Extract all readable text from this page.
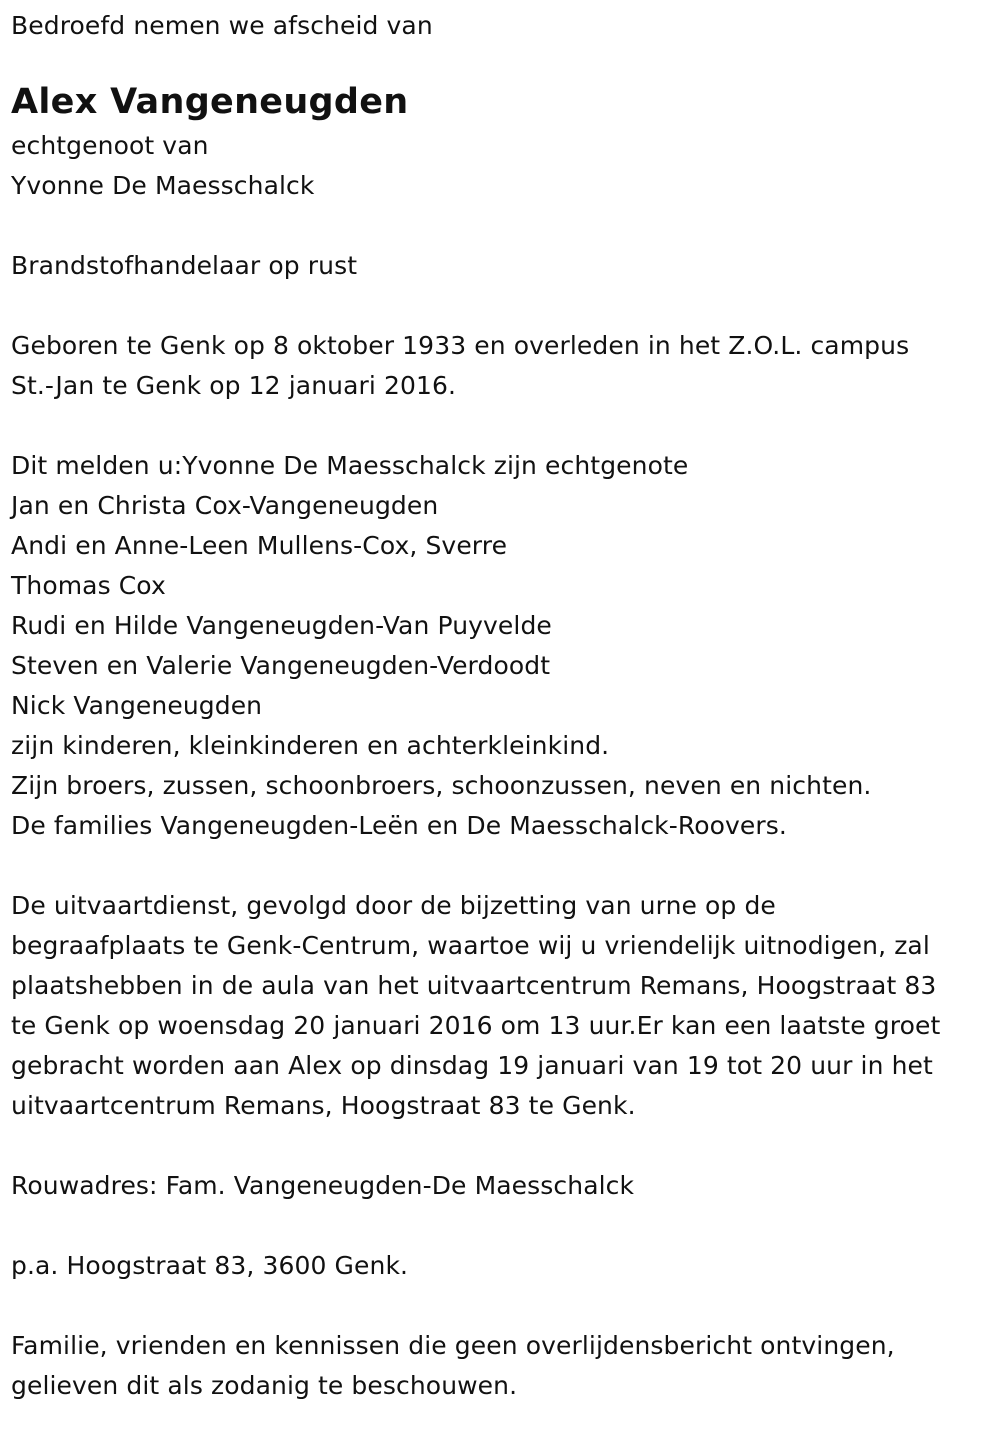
Bedroefd nemen we afscheid van
Alex Vangeneugden
echtgenoot van
Yvonne De Maesschalck
Brandstofhandelaar op rust
Geboren te Genk op 8 oktober 1933 en overleden in het Z.O.L. campus
St.-Jan te Genk op 12 januari 2016.
Dit melden u:Yvonne De Maesschalck zijn echtgenote
Jan en Christa Cox-Vangeneugden
Andi en Anne-Leen Mullens-Cox, Sverre
Thomas Cox
Rudi en Hilde Vangeneugden-Van Puyvelde
Steven en Valerie Vangeneugden-Verdoodt
Nick Vangeneugden
zijn kinderen, kleinkinderen en achterkleinkind.
Zijn broers, zussen, schoonbroers, schoonzussen, neven en nichten.
De families Vangeneugden-Leën en De Maesschalck-Roovers.
De uitvaartdienst, gevolgd door de bijzetting van urne op de
begraafplaats te Genk-Centrum, waartoe wij u vriendelijk uitnodigen, zal
plaatshebben in de aula van het uitvaartcentrum Remans, Hoogstraat 83
te Genk op woensdag 20 januari 2016 om 13 uur.Er kan een laatste groet
gebracht worden aan Alex op dinsdag 19 januari van 19 tot 20 uur in het
uitvaartcentrum Remans, Hoogstraat 83 te Genk.
Rouwadres: Fam. Vangeneugden-De Maesschalck
p.a. Hoogstraat 83, 3600 Genk.
Familie, vrienden en kennissen die geen overlijdensbericht ontvingen,
gelieven dit als zodanig te beschouwen.
